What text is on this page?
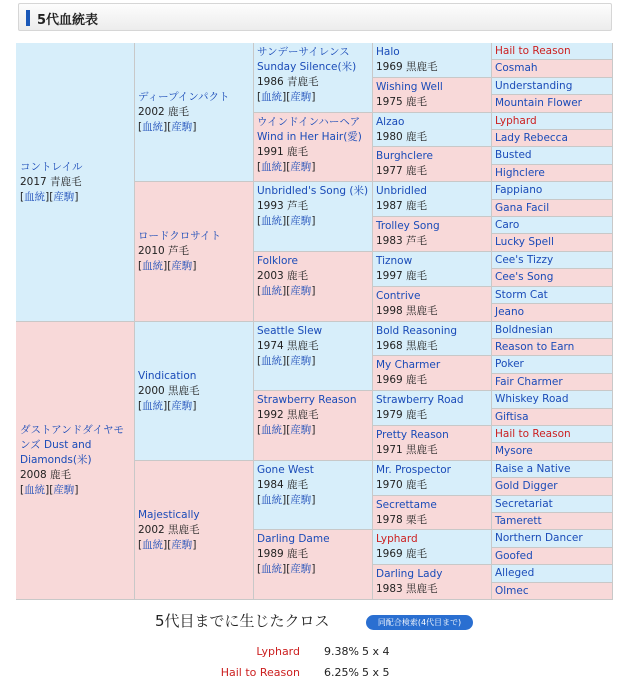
5代血統表
コントレイル
2017 青鹿毛
[血統][産駒]
ダストアンドダイヤモンズ Dust and Diamonds(米)
2008 鹿毛
[血統][産駒]
ディープインパクト
2002 鹿毛
[血統][産駒]
ロードクロサイト
2010 芦毛
[血統][産駒]
Vindication
2000 黒鹿毛
[血統][産駒]
Majestically
2002 黒鹿毛
[血統][産駒]
サンデーサイレンス Sunday Silence(米)
1986 青鹿毛
[血統][産駒]
ウインドインハーヘア Wind in Her Hair(愛)
1991 鹿毛
[血統][産駒]
Unbridled's Song (米)
1993 芦毛
[血統][産駒]
Folklore
2003 鹿毛
[血統][産駒]
Seattle Slew
1974 黒鹿毛
[血統][産駒]
Strawberry Reason
1992 黒鹿毛
[血統][産駒]
Gone West
1984 鹿毛
[血統][産駒]
Darling Dame
1989 鹿毛
[血統][産駒]
Halo
1969 黒鹿毛
Wishing Well
1975 鹿毛
Alzao
1980 鹿毛
Burghclere
1977 鹿毛
Unbridled
1987 鹿毛
Trolley Song
1983 芦毛
Tiznow
1997 鹿毛
Contrive
1998 黒鹿毛
Bold Reasoning
1968 黒鹿毛
My Charmer
1969 鹿毛
Strawberry Road
1979 鹿毛
Pretty Reason
1971 黒鹿毛
Mr. Prospector
1970 鹿毛
Secrettame
1978 栗毛
Lyphard
1969 鹿毛
Darling Lady
1983 黒鹿毛
Hail to Reason
Cosmah
Understanding
Mountain Flower
Lyphard
Lady Rebecca
Busted
Highclere
Fappiano
Gana Facil
Caro
Lucky Spell
Cee's Tizzy
Cee's Song
Storm Cat
Jeano
Boldnesian
Reason to Earn
Poker
Fair Charmer
Whiskey Road
Giftisa
Hail to Reason
Mysore
Raise a Native
Gold Digger
Secretariat
Tamerett
Northern Dancer
Goofed
Alleged
Olmec
5代目までに生じたクロス	同配合検索(4代目まで)
Lyphard 9.38% 5 x 4
Hail to Reason 6.25% 5 x 5
